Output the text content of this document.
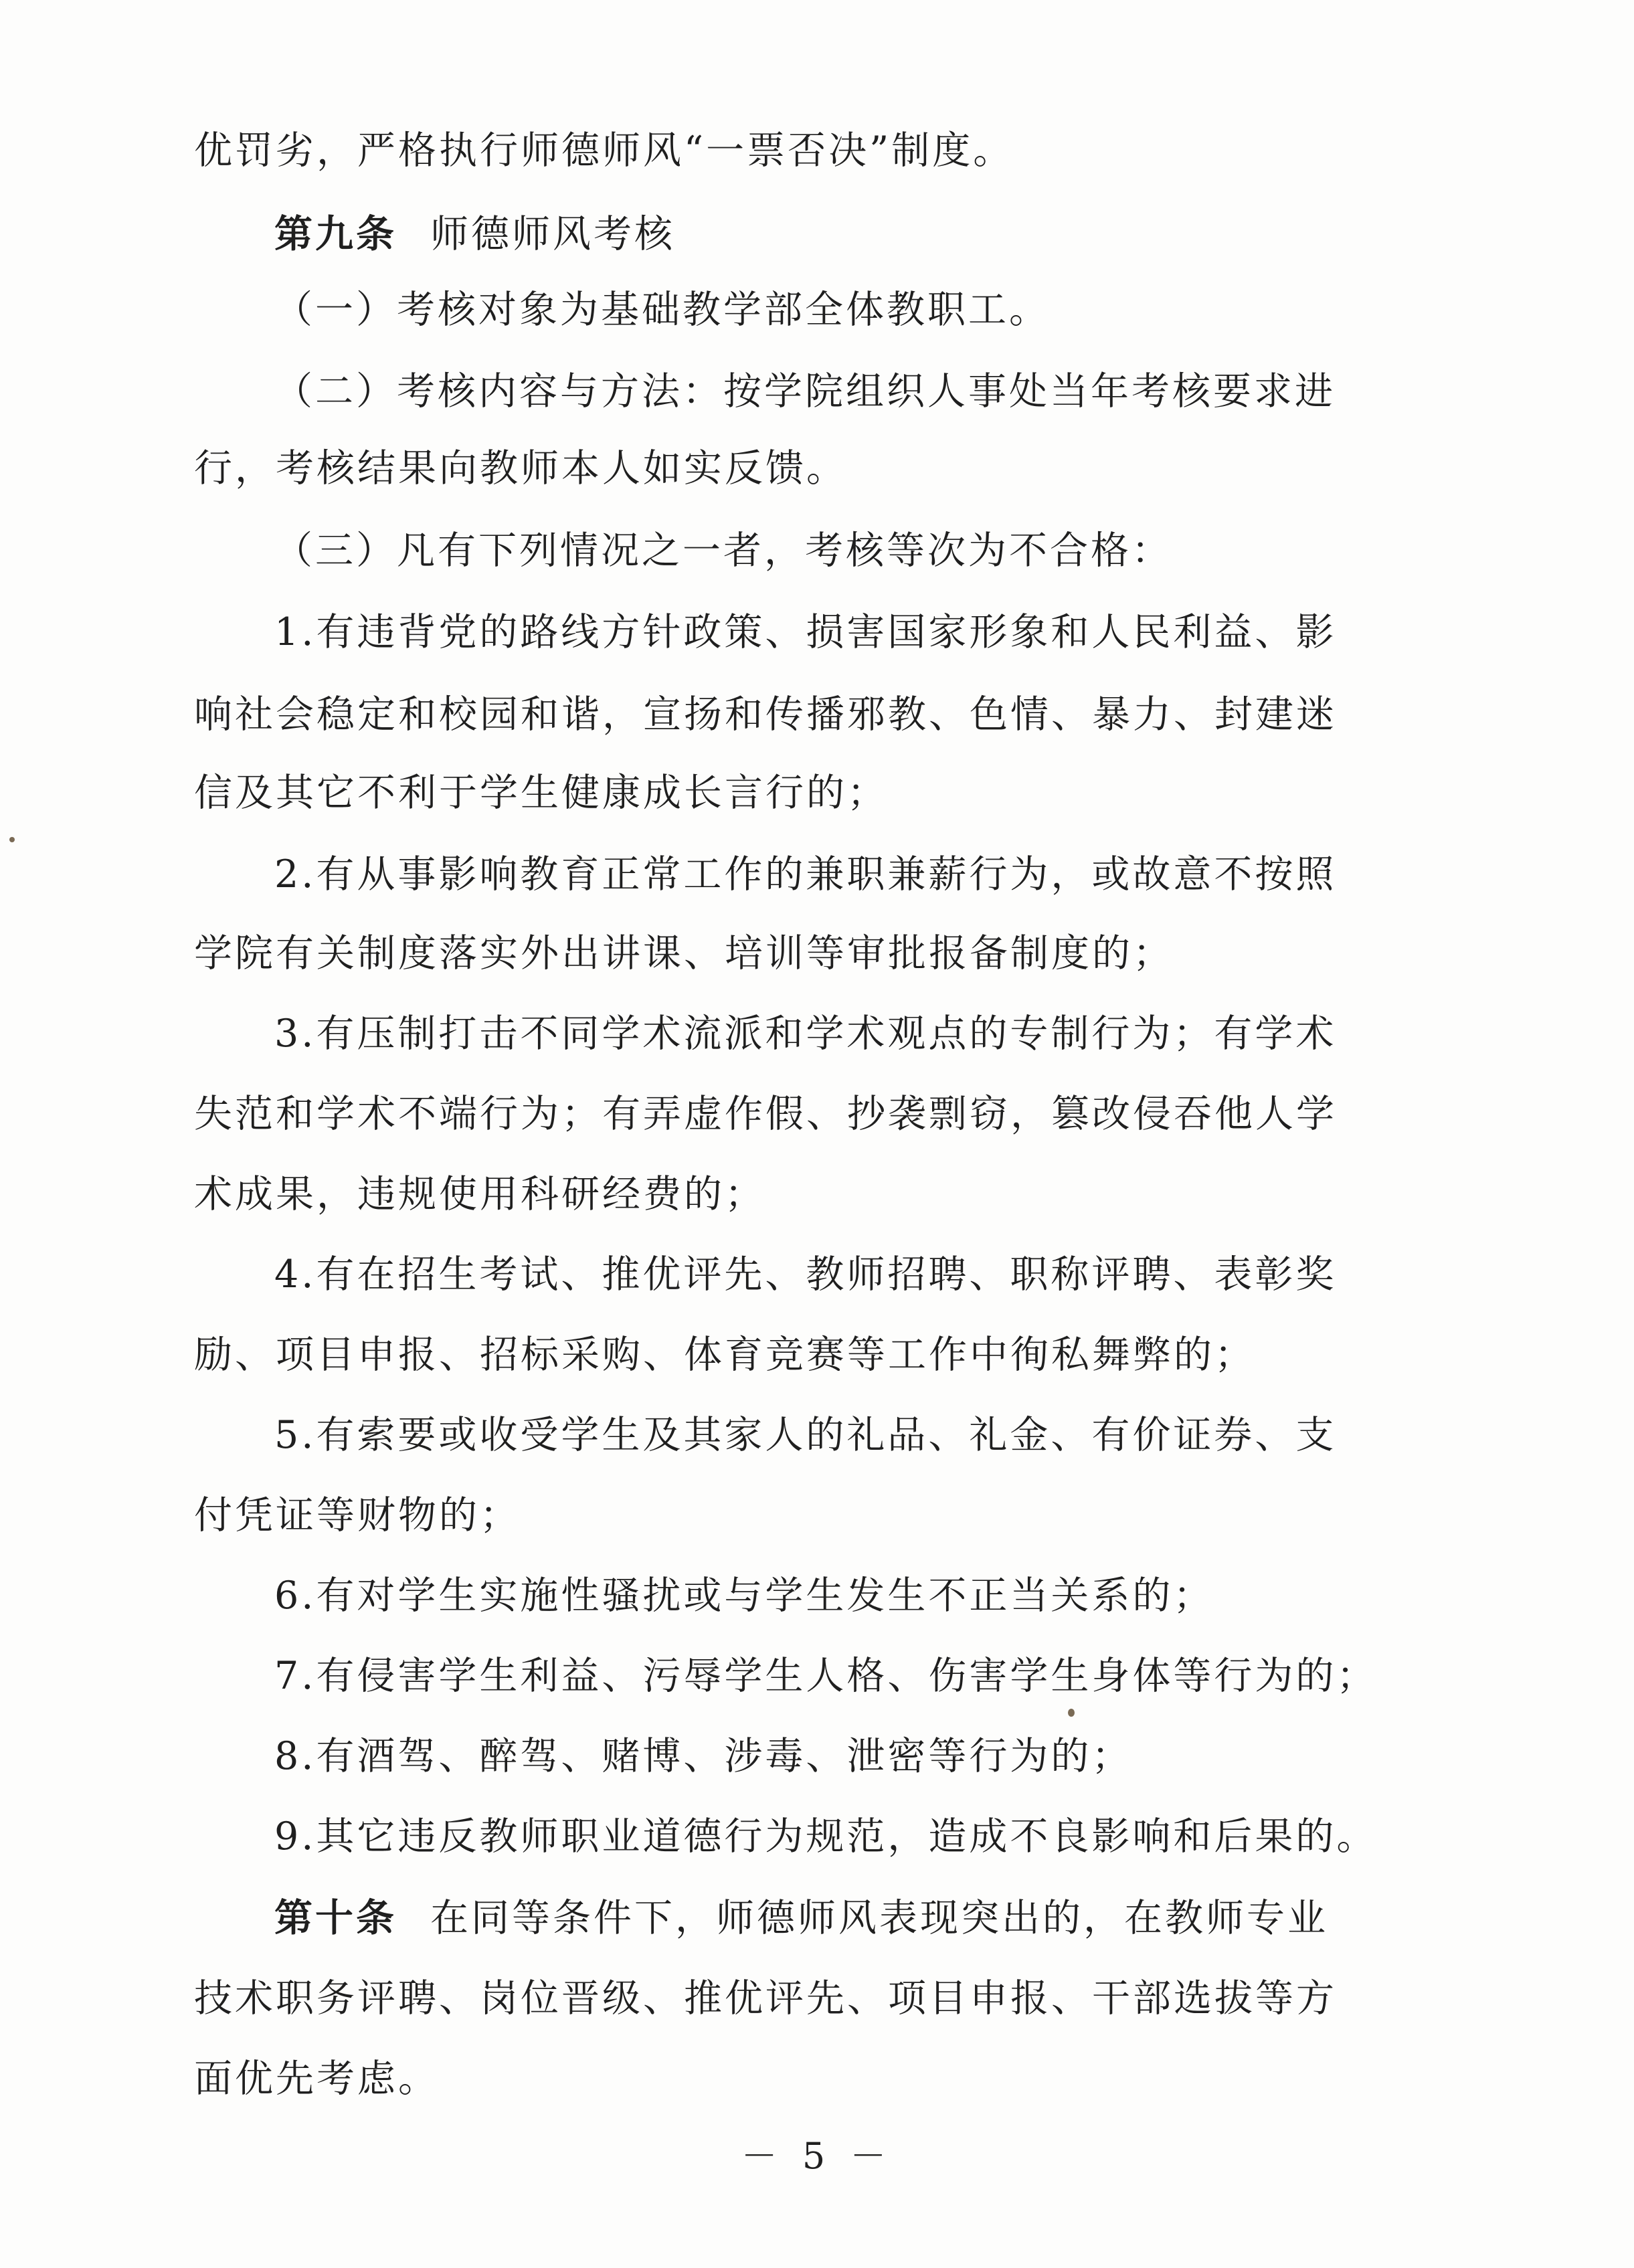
优罚劣，严格执行师德师风“一票否决”制度。
第九条 师德师风考核
（一）考核对象为基础教学部全体教职工。
（二）考核内容与方法：按学院组织人事处当年考核要求进
行，考核结果向教师本人如实反馈。
（三）凡有下列情况之一者，考核等次为不合格：
1.有违背党的路线方针政策、损害国家形象和人民利益、影
响社会稳定和校园和谐，宣扬和传播邪教、色情、暴力、封建迷
信及其它不利于学生健康成长言行的；
2.有从事影响教育正常工作的兼职兼薪行为，或故意不按照
学院有关制度落实外出讲课、培训等审批报备制度的；
3.有压制打击不同学术流派和学术观点的专制行为；有学术
失范和学术不端行为；有弄虚作假、抄袭剽窃，篡改侵吞他人学
术成果，违规使用科研经费的；
4.有在招生考试、推优评先、教师招聘、职称评聘、表彰奖
励、项目申报、招标采购、体育竞赛等工作中徇私舞弊的；
5.有索要或收受学生及其家人的礼品、礼金、有价证券、支
付凭证等财物的；
6.有对学生实施性骚扰或与学生发生不正当关系的；
7.有侵害学生利益、污辱学生人格、伤害学生身体等行为的；
8.有酒驾、醉驾、赌博、涉毒、泄密等行为的；
9.其它违反教师职业道德行为规范，造成不良影响和后果的。
第十条 在同等条件下，师德师风表现突出的，在教师专业
技术职务评聘、岗位晋级、推优评先、项目申报、干部选拔等方
面优先考虑。
－ 5 －
